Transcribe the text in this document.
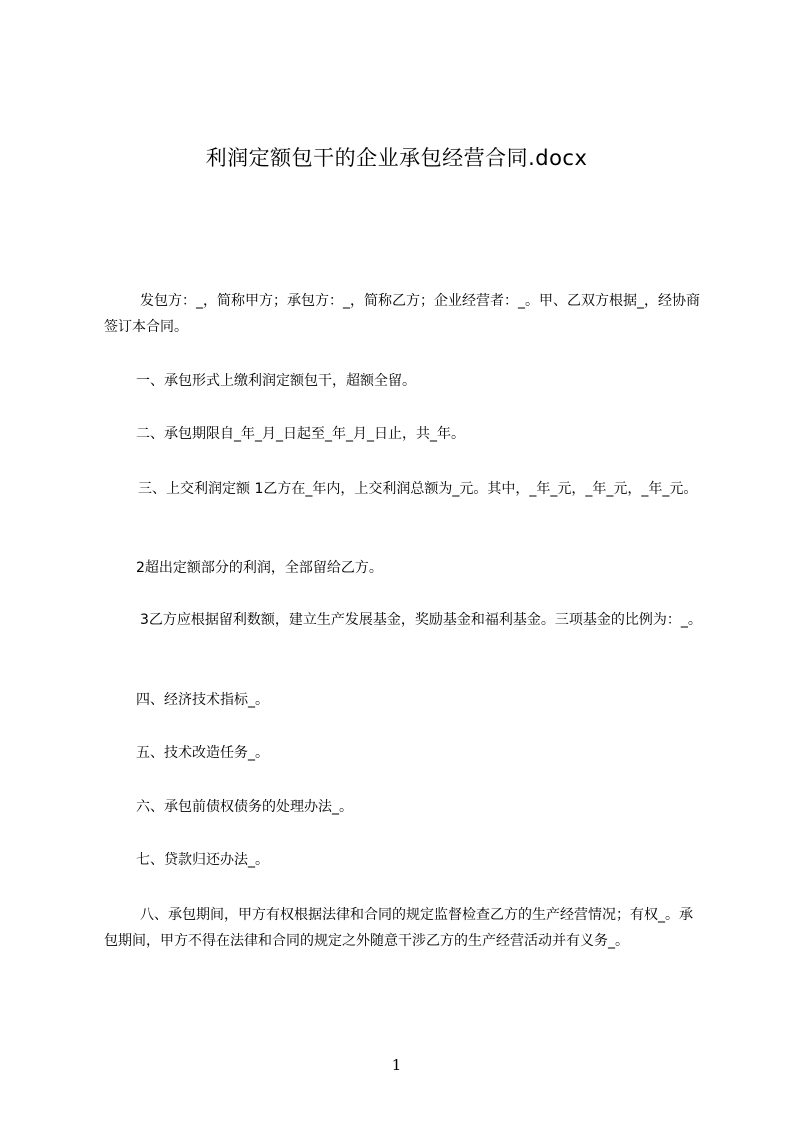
利润定额包干的企业承包经营合同.docx
发包方：_，简称甲方；承包方：_，简称乙方；企业经营者：_。甲、乙双方根据_，经协商签订本合同。
一、承包形式上缴利润定额包干，超额全留。
二、承包期限自_年_月_日起至_年_月_日止，共_年。
三、上交利润定额 1乙方在_年内，上交利润总额为_元。其中，_年_元，_年_元，_年_元。
2超出定额部分的利润，全部留给乙方。
3乙方应根据留利数额，建立生产发展基金，奖励基金和福利基金。三项基金的比例为：_。
四、经济技术指标_。
五、技术改造任务_。
六、承包前债权债务的处理办法_。
七、贷款归还办法_。
八、承包期间，甲方有权根据法律和合同的规定监督检查乙方的生产经营情况；有权_。承包期间，甲方不得在法律和合同的规定之外随意干涉乙方的生产经营活动并有义务_。
1
